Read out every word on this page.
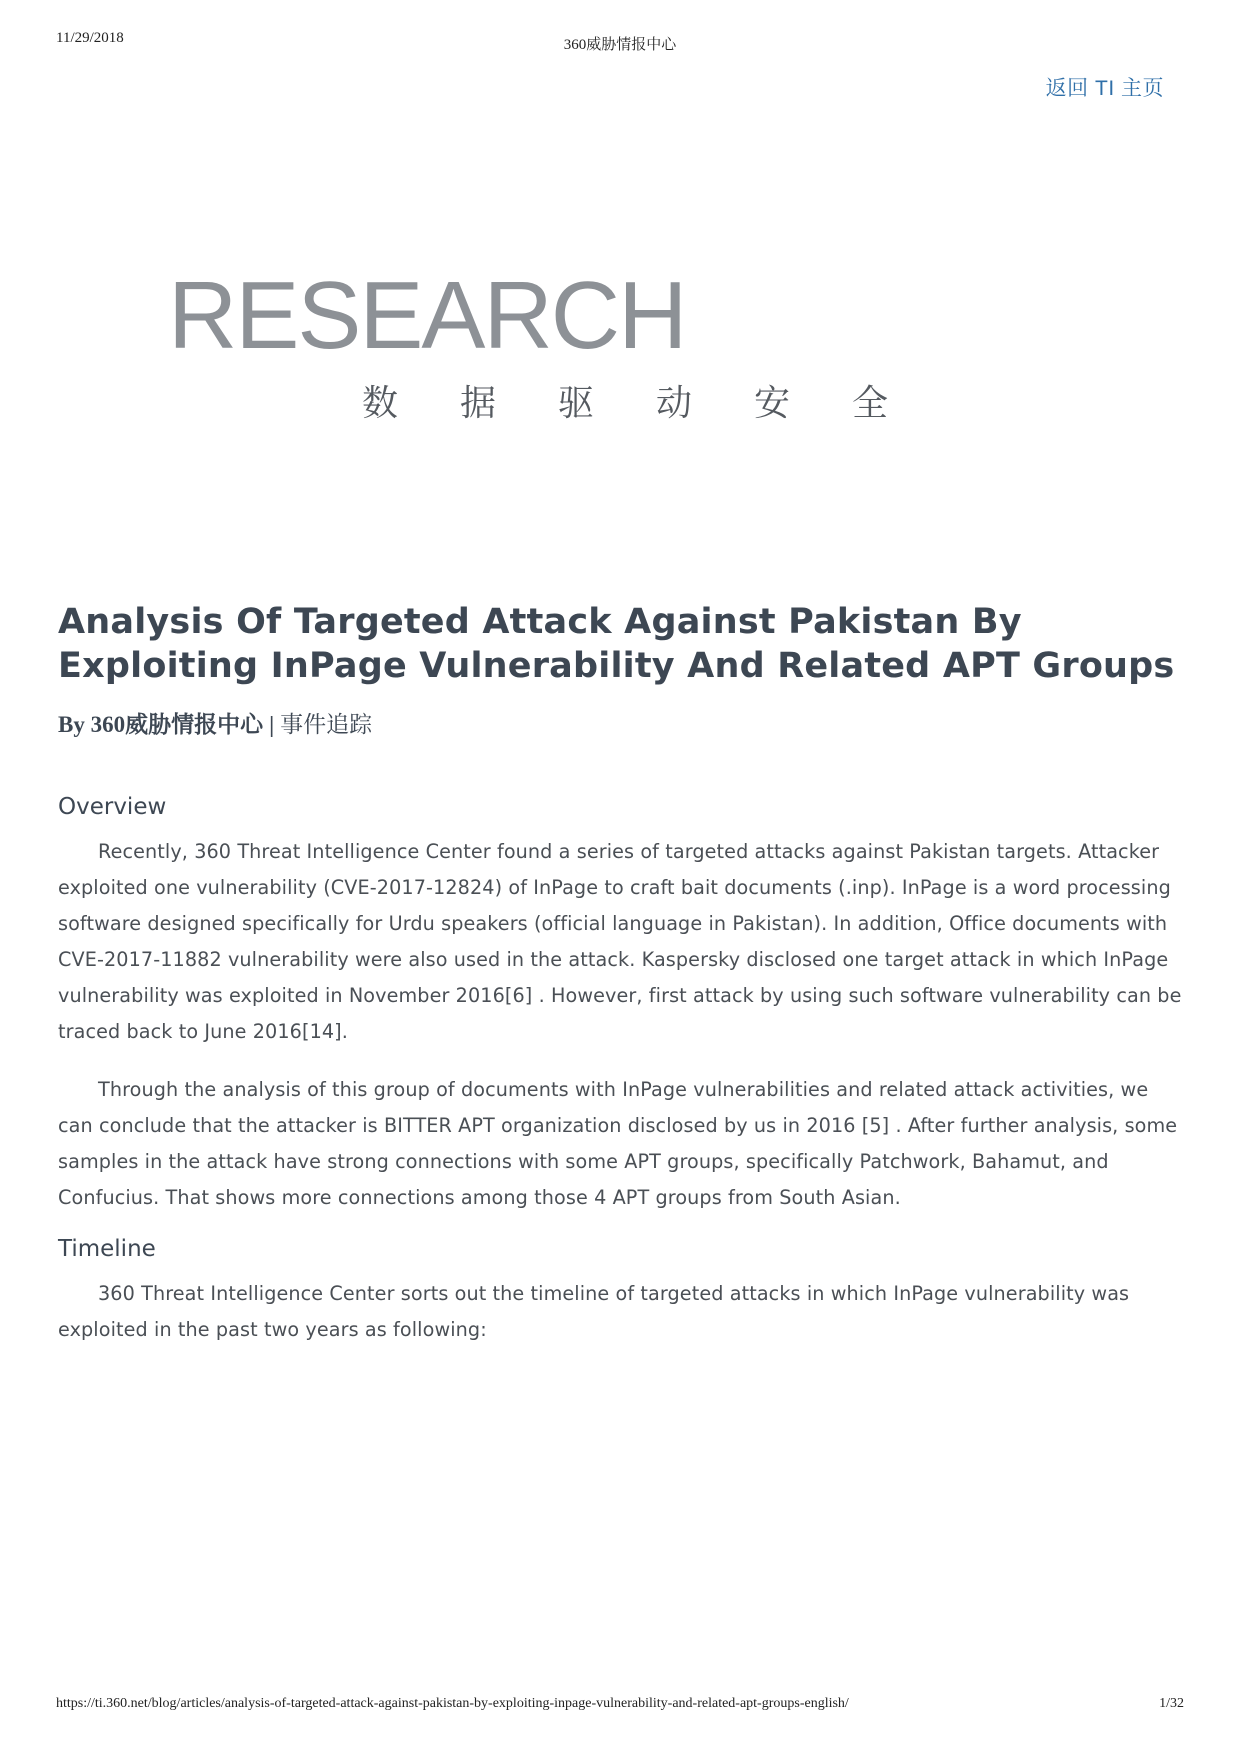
11/29/2018	360威胁情报中心
返回 TI 主页
RESEARCH
数据驱动安全
Analysis Of Targeted Attack Against Pakistan By Exploiting InPage Vulnerability And Related APT Groups
By 360威胁情报中心 | 事件追踪
Overview

Recently, 360 Threat Intelligence Center found a series of targeted attacks against Pakistan targets. Attacker exploited one vulnerability (CVE-2017-12824) of InPage to craft bait documents (.inp). InPage is a word processing software designed specifically for Urdu speakers (official language in Pakistan). In addition, Office documents with CVE-2017-11882 vulnerability were also used in the attack. Kaspersky disclosed one target attack in which InPage vulnerability was exploited in November 2016[6] . However, first attack by using such software vulnerability can be traced back to June 2016[14].

Through the analysis of this group of documents with InPage vulnerabilities and related attack activities, we can conclude that the attacker is BITTER APT organization disclosed by us in 2016 [5] . After further analysis, some samples in the attack have strong connections with some APT groups, specifically Patchwork, Bahamut, and Confucius. That shows more connections among those 4 APT groups from South Asian.

Timeline

360 Threat Intelligence Center sorts out the timeline of targeted attacks in which InPage vulnerability was exploited in the past two years as following:

https://ti.360.net/blog/articles/analysis-of-targeted-attack-against-pakistan-by-exploiting-inpage-vulnerability-and-related-apt-groups-english/	1/32
